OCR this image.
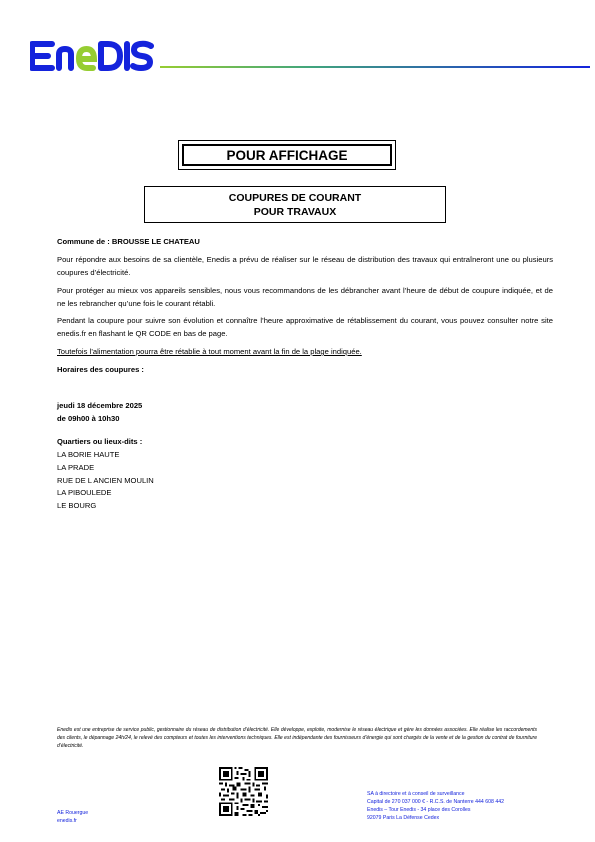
POUR AFFICHAGE
COUPURES DE COURANT
POUR TRAVAUX
Commune de : BROUSSE LE CHATEAU
Pour répondre aux besoins de sa clientèle, Enedis a prévu de réaliser sur le réseau de distribution des travaux qui entraîneront une ou plusieurs coupures d’électricité.
Pour protéger au mieux vos appareils sensibles, nous vous recommandons de les débrancher avant l’heure de début de coupure indiquée, et de ne les rebrancher qu’une fois le courant rétabli.
Pendant la coupure pour suivre son évolution et connaître l’heure approximative de rétablissement du courant, vous pouvez consulter notre site enedis.fr en flashant le QR CODE en bas de page.
Toutefois l’alimentation pourra être rétablie à tout moment avant la fin de la plage indiquée.
Horaires des coupures :
jeudi 18 décembre 2025
de 09h00 à 10h30
Quartiers ou lieux-dits :
LA BORIE HAUTE
LA PRADE
RUE DE L ANCIEN MOULIN
LA PIBOULEDE
LE BOURG
Enedis est une entreprise de service public, gestionnaire du réseau de distribution d’électricité. Elle développe, exploite, modernise le réseau électrique et gère les données associées. Elle réalise les raccordements des clients, le dépannage 24h/24, le relevé des compteurs et toutes les interventions techniques. Elle est indépendante des fournisseurs d’énergie qui sont chargés de la vente et de la gestion du contrat de fourniture d’électricité.
AE Rouergue
enedis.fr
SA à directoire et à conseil de surveillance
Capital de 270 037 000 € - R.C.S. de Nanterre 444 608 442
Enedis – Tour Enedis - 34 place des Corolles
92079 Paris La Défense Cedex
